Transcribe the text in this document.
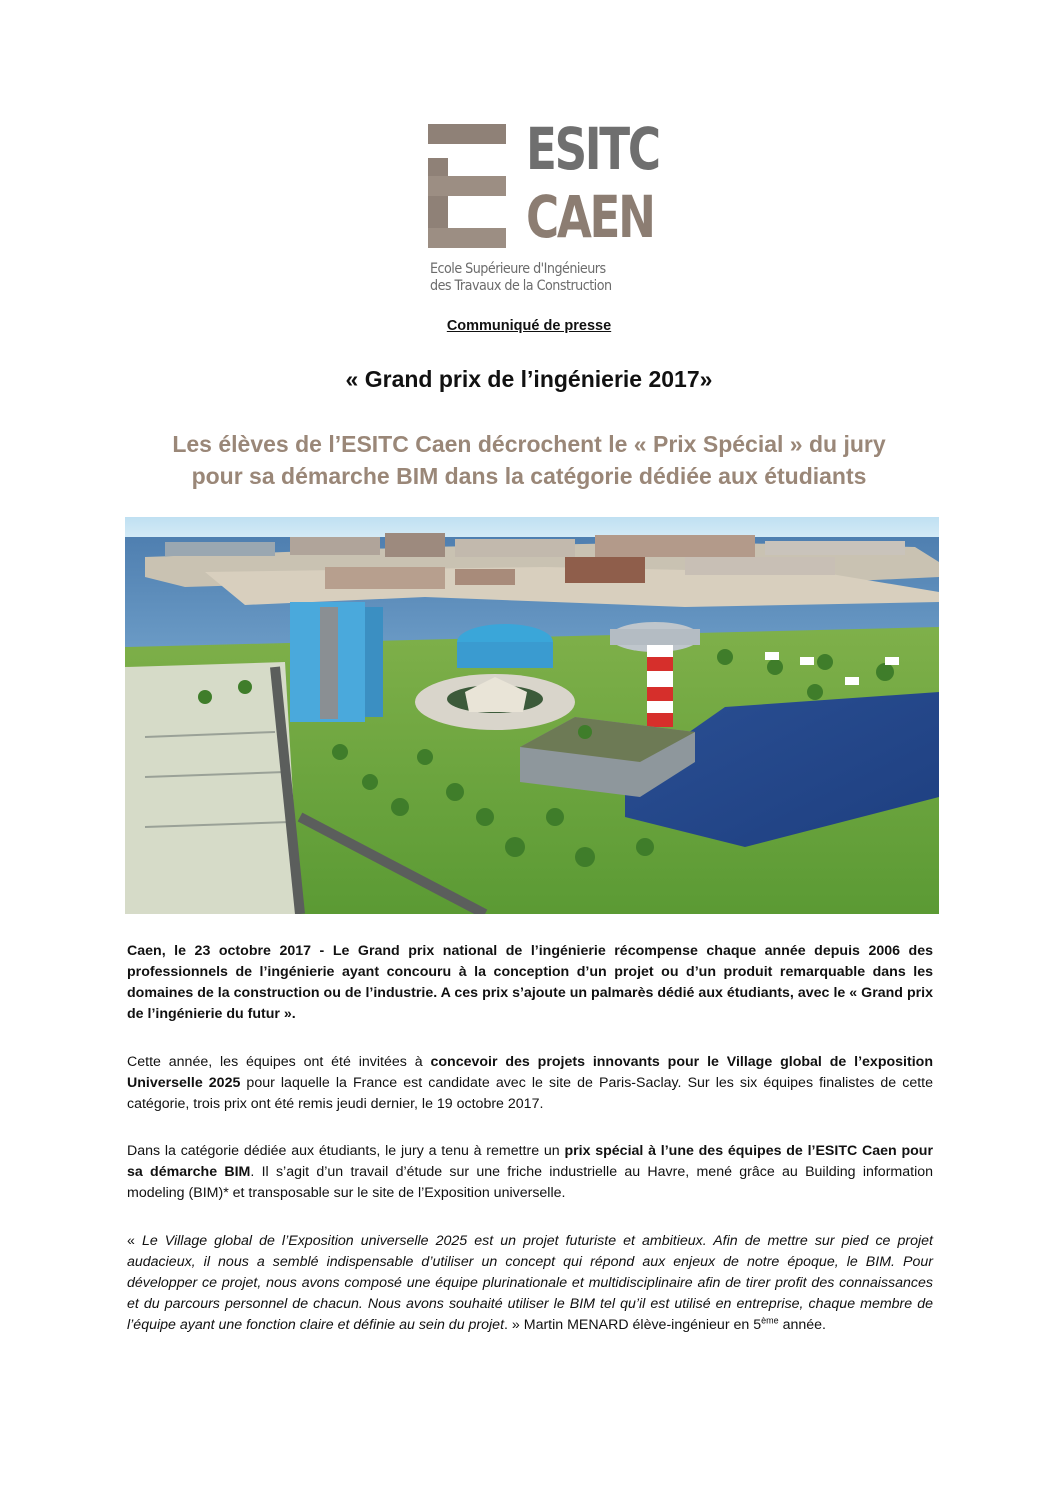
ESITC
CAEN
Ecole Supérieure d'Ingénieurs
des Travaux de la Construction
Communiqué de presse
« Grand prix de l’ingénierie 2017»
Les élèves de l’ESITC Caen décrochent le « Prix Spécial » du jury
pour sa démarche BIM dans la catégorie dédiée aux étudiants
Caen, le 23 octobre 2017 - Le Grand prix national de l’ingénierie récompense chaque année depuis 2006 des professionnels de l’ingénierie ayant concouru à la conception d’un projet ou d’un produit remarquable dans les domaines de la construction ou de l’industrie. A ces prix s’ajoute un palmarès dédié aux étudiants, avec le « Grand prix de l’ingénierie du futur ».
Cette année, les équipes ont été invitées à concevoir des projets innovants pour le Village global de l’exposition Universelle 2025 pour laquelle la France est candidate avec le site de Paris-Saclay. Sur les six équipes finalistes de cette catégorie, trois prix ont été remis jeudi dernier, le 19 octobre 2017.
Dans la catégorie dédiée aux étudiants, le jury a tenu à remettre un prix spécial à l’une des équipes de l’ESITC Caen pour sa démarche BIM. Il s’agit d’un travail d’étude sur une friche industrielle au Havre, mené grâce au Building information modeling (BIM)* et transposable sur le site de l’Exposition universelle.
« Le Village global de l’Exposition universelle 2025 est un projet futuriste et ambitieux. Afin de mettre sur pied ce projet audacieux, il nous a semblé indispensable d’utiliser un concept qui répond aux enjeux de notre époque, le BIM. Pour développer ce projet, nous avons composé une équipe plurinationale et multidisciplinaire afin de tirer profit des connaissances et du parcours personnel de chacun. Nous avons souhaité utiliser le BIM tel qu’il est utilisé en entreprise, chaque membre de l’équipe ayant une fonction claire et définie au sein du projet. » Martin MENARD élève-ingénieur en 5ème année.
